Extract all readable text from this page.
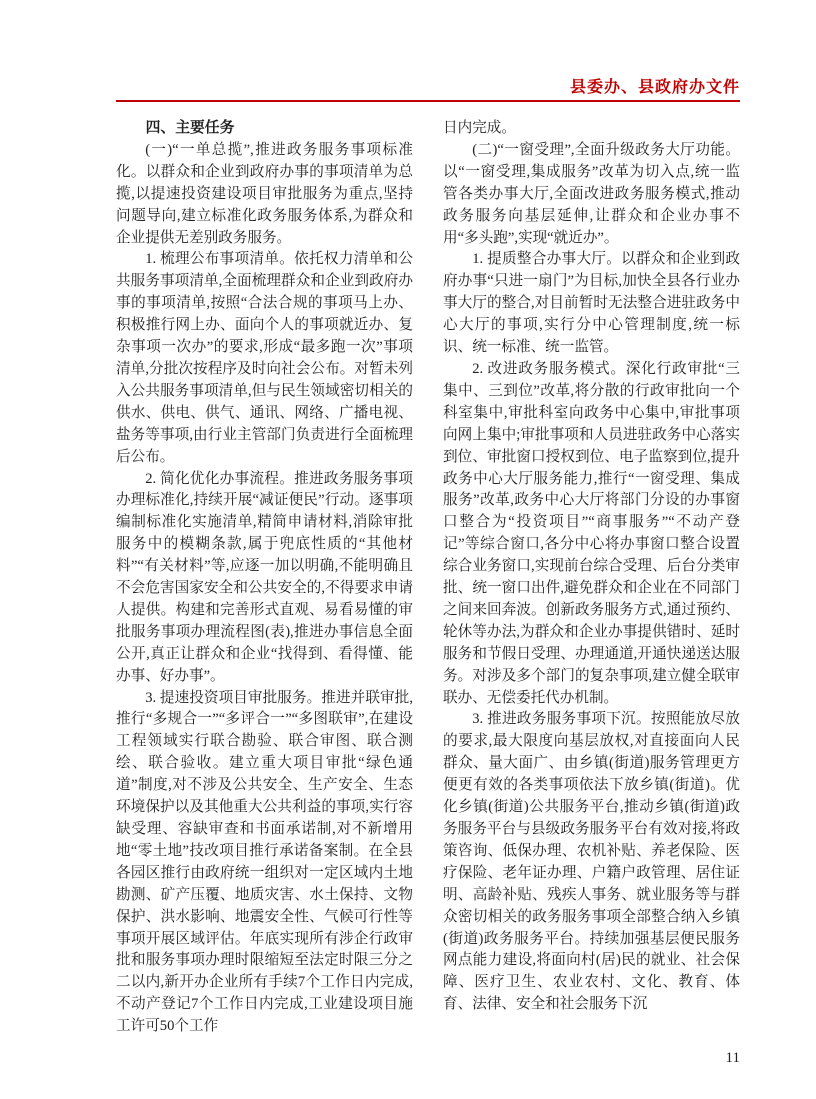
县委办、县政府办文件
四、主要任务

(一)“一单总揽”,推进政务服务事项标准化。以群众和企业到政府办事的事项清单为总揽,以提速投资建设项目审批服务为重点,坚持问题导向,建立标准化政务服务体系,为群众和企业提供无差别政务服务。

1. 梳理公布事项清单。依托权力清单和公共服务事项清单,全面梳理群众和企业到政府办事的事项清单,按照“合法合规的事项马上办、积极推行网上办、面向个人的事项就近办、复杂事项一次办”的要求,形成“最多跑一次”事项清单,分批次按程序及时向社会公布。对暂未列入公共服务事项清单,但与民生领域密切相关的供水、供电、供气、通讯、网络、广播电视、盐务等事项,由行业主管部门负责进行全面梳理后公布。

2. 简化优化办事流程。推进政务服务事项办理标准化,持续开展“减证便民”行动。逐事项编制标准化实施清单,精简申请材料,消除审批服务中的模糊条款,属于兜底性质的“其他材料”“有关材料”等,应逐一加以明确,不能明确且不会危害国家安全和公共安全的,不得要求申请人提供。构建和完善形式直观、易看易懂的审批服务事项办理流程图(表),推进办事信息全面公开,真正让群众和企业“找得到、看得懂、能办事、好办事”。

3. 提速投资项目审批服务。推进并联审批,推行“多规合一”“多评合一”“多图联审”,在建设工程领域实行联合勘验、联合审图、联合测绘、联合验收。建立重大项目审批“绿色通道”制度,对不涉及公共安全、生产安全、生态环境保护以及其他重大公共利益的事项,实行容缺受理、容缺审查和书面承诺制,对不新增用地“零土地”技改项目推行承诺备案制。在全县各园区推行由政府统一组织对一定区域内土地勘测、矿产压覆、地质灾害、水土保持、文物保护、洪水影响、地震安全性、气候可行性等事项开展区域评估。年底实现所有涉企行政审批和服务事项办理时限缩短至法定时限三分之二以内,新开办企业所有手续7个工作日内完成,不动产登记7个工作日内完成,工业建设项目施工许可50个工作

日内完成。

(二)“一窗受理”,全面升级政务大厅功能。以“一窗受理,集成服务”改革为切入点,统一监管各类办事大厅,全面改进政务服务模式,推动政务服务向基层延伸,让群众和企业办事不用“多头跑”,实现“就近办”。

1. 提质整合办事大厅。以群众和企业到政府办事“只进一扇门”为目标,加快全县各行业办事大厅的整合,对目前暂时无法整合进驻政务中心大厅的事项,实行分中心管理制度,统一标识、统一标准、统一监管。

2. 改进政务服务模式。深化行政审批“三集中、三到位”改革,将分散的行政审批向一个科室集中,审批科室向政务中心集中,审批事项向网上集中;审批事项和人员进驻政务中心落实到位、审批窗口授权到位、电子监察到位,提升政务中心大厅服务能力,推行“一窗受理、集成服务”改革,政务中心大厅将部门分设的办事窗口整合为“投资项目”“商事服务”“不动产登记”等综合窗口,各分中心将办事窗口整合设置综合业务窗口,实现前台综合受理、后台分类审批、统一窗口出件,避免群众和企业在不同部门之间来回奔波。创新政务服务方式,通过预约、轮休等办法,为群众和企业办事提供错时、延时服务和节假日受理、办理通道,开通快递送达服务。对涉及多个部门的复杂事项,建立健全联审联办、无偿委托代办机制。

3. 推进政务服务事项下沉。按照能放尽放的要求,最大限度向基层放权,对直接面向人民群众、量大面广、由乡镇(街道)服务管理更方便更有效的各类事项依法下放乡镇(街道)。优化乡镇(街道)公共服务平台,推动乡镇(街道)政务服务平台与县级政务服务平台有效对接,将政策咨询、低保办理、农机补贴、养老保险、医疗保险、老年证办理、户籍户政管理、居住证明、高龄补贴、残疾人事务、就业服务等与群众密切相关的政务服务事项全部整合纳入乡镇(街道)政务服务平台。持续加强基层便民服务网点能力建设,将面向村(居)民的就业、社会保障、医疗卫生、农业农村、文化、教育、体育、法律、安全和社会服务下沉

11
